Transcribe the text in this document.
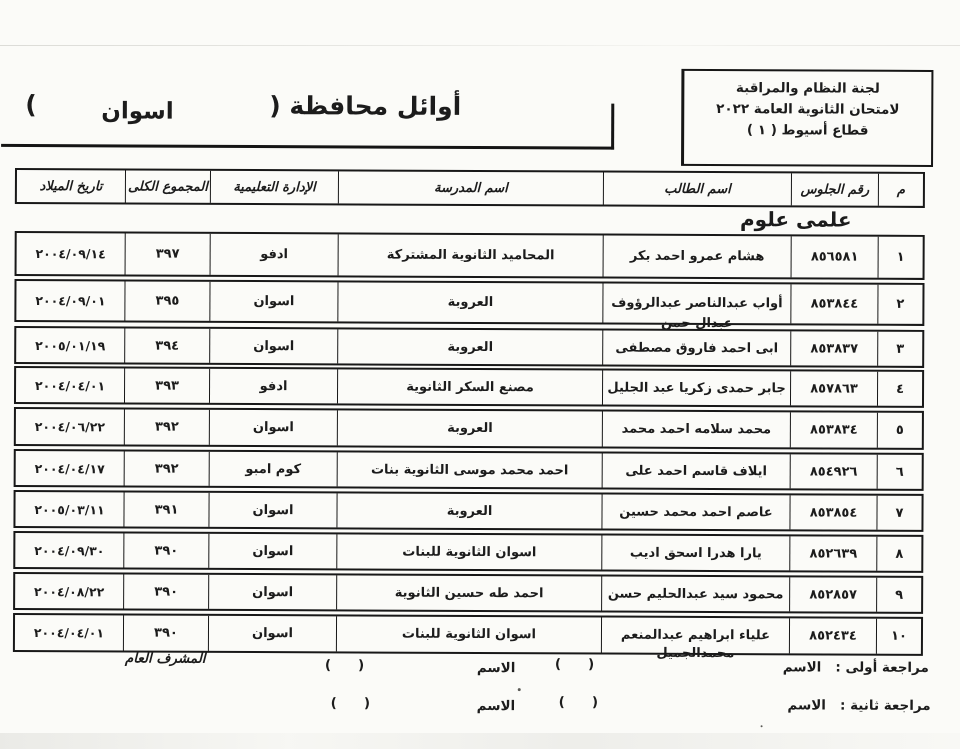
لجنة النظام والمراقبة
لامتحان الثانوية العامة ٢٠٢٢
قطاع أسيوط ( ١ )
أوائل محافظة (
اسوان
)
م
رقم الجلوس
اسم الطالب
اسم المدرسة
الإدارة التعليمية
المجموع الكلى
تاريخ الميلاد
علمى علوم
١
٨٥٦٥٨١
هشام عمرو احمد بكر
المحاميد الثانوية المشتركة
ادفو
٣٩٧
٢٠٠٤/٠٩/١٤
٢
٨٥٣٨٤٤
أواب عبدالناصر عبدالرؤوف
عبدال حمن
العروبة
اسوان
٣٩٥
٢٠٠٤/٠٩/٠١
٣
٨٥٣٨٣٧
ابى احمد فاروق مصطفى
العروبة
اسوان
٣٩٤
٢٠٠٥/٠١/١٩
٤
٨٥٧٨٦٣
جابر حمدى زكريا عبد الجليل
مصنع السكر الثانوية
ادفو
٣٩٣
٢٠٠٤/٠٤/٠١
٥
٨٥٣٨٣٤
محمد سلامه احمد محمد
العروبة
اسوان
٣٩٢
٢٠٠٤/٠٦/٢٢
٦
٨٥٤٩٢٦
ايلاف قاسم احمد على
احمد محمد موسى الثانوية بنات
كوم امبو
٣٩٢
٢٠٠٤/٠٤/١٧
٧
٨٥٣٨٥٤
عاصم احمد محمد حسين
العروبة
اسوان
٣٩١
٢٠٠٥/٠٣/١١
٨
٨٥٢٦٣٩
يارا هدرا اسحق اديب
اسوان الثانوية للبنات
اسوان
٣٩٠
٢٠٠٤/٠٩/٣٠
٩
٨٥٢٨٥٧
محمود سيد عبدالحليم حسن
احمد طه حسين الثانوية
اسوان
٣٩٠
٢٠٠٤/٠٨/٢٢
١٠
٨٥٢٤٣٤
علياء ابراهيم عبدالمنعم
محمدالجميل
اسوان الثانوية للبنات
اسوان
٣٩٠
٢٠٠٤/٠٤/٠١
مراجعة أولى :   الاسم
(   )
الاسم
(   )
المشرف العام
مراجعة ثانية :   الاسم
(   )
الاسم
(   )
